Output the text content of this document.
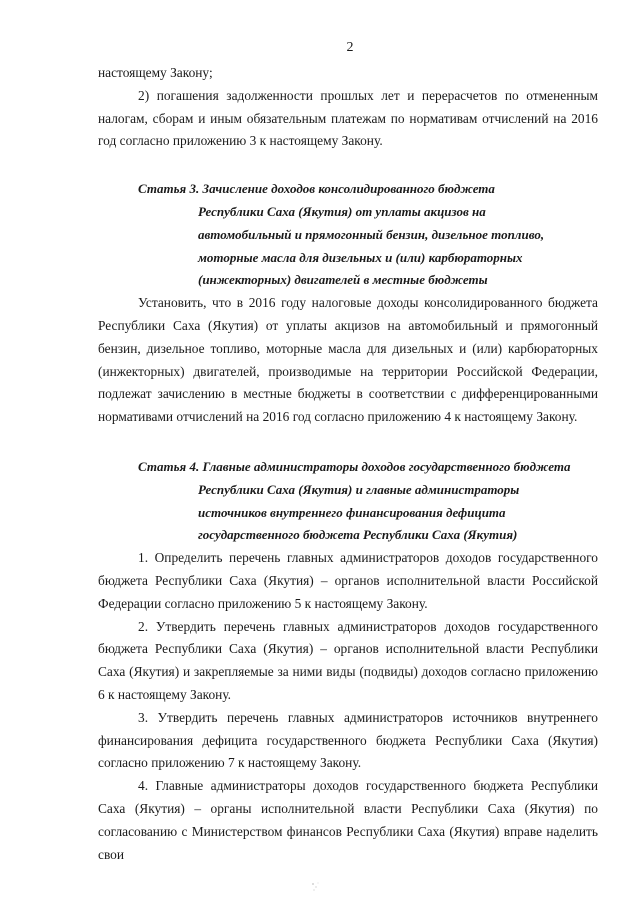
2

настоящему Закону;

2) погашения задолженности прошлых лет и перерасчетов по отмененным налогам, сборам и иным обязательным платежам по нормативам отчислений на 2016 год согласно приложению 3 к настоящему Закону.

Статья 3. Зачисление доходов консолидированного бюджета

Республики Саха (Якутия) от уплаты акцизов на

автомобильный и прямогонный бензин, дизельное топливо,

моторные масла для дизельных и (или) карбюраторных

(инжекторных) двигателей в местные бюджеты

Установить, что в 2016 году налоговые доходы консолидированного бюджета Республики Саха (Якутия) от уплаты акцизов на автомобильный и прямогонный бензин, дизельное топливо, моторные масла для дизельных и (или) карбюраторных (инжекторных) двигателей, производимые на территории Российской Федерации, подлежат зачислению в местные бюджеты в соответствии с дифференцированными нормативами отчислений на 2016 год согласно приложению 4 к настоящему Закону.

Статья 4. Главные администраторы доходов государственного бюджета

Республики Саха (Якутия) и главные администраторы

источников внутреннего финансирования дефицита

государственного бюджета Республики Саха (Якутия)

1. Определить перечень главных администраторов доходов государственного бюджета Республики Саха (Якутия) – органов исполнительной власти Российской Федерации согласно приложению 5 к настоящему Закону.

2. Утвердить перечень главных администраторов доходов государственного бюджета Республики Саха (Якутия) – органов исполнительной власти Республики Саха (Якутия) и закрепляемые за ними виды (подвиды) доходов согласно приложению 6 к настоящему Закону.

3. Утвердить перечень главных администраторов источников внутреннего финансирования дефицита государственного бюджета Республики Саха (Якутия) согласно приложению 7 к настоящему Закону.

4. Главные администраторы доходов государственного бюджета Республики Саха (Якутия) – органы исполнительной власти Республики Саха (Якутия) по согласованию с Министерством финансов Республики Саха (Якутия) вправе наделить свои
